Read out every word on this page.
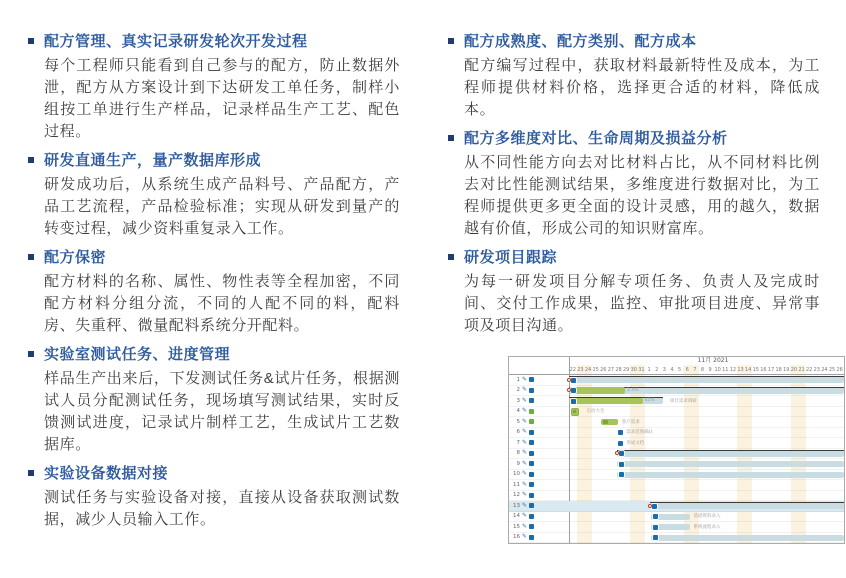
配方管理、真实记录研发轮次开发过程

每个工程师只能看到自己参与的配方，防止数据外泄，配方从方案设计到下达研发工单任务，制样小组按工单进行生产样品，记录样品生产工艺、配色过程。

研发直通生产，量产数据库形成

研发成功后，从系统生成产品料号、产品配方，产品工艺流程，产品检验标准；实现从研发到量产的转变过程，减少资料重复录入工作。

配方保密

配方材料的名称、属性、物性表等全程加密，不同配方材料分组分流，不同的人配不同的料，配料房、失重秤、微量配料系统分开配料。

实验室测试任务、进度管理

样品生产出来后，下发测试任务&试片任务，根据测试人员分配测试任务，现场填写测试结果，实时反馈测试进度，记录试片制样工艺，生成试片工艺数据库。

实验设备数据对接

测试任务与实验设备对接，直接从设备获取测试数据，减少人员输入工作。

配方成熟度、配方类别、配方成本

配方编写过程中，获取材料最新特性及成本，为工程师提供材料价格，选择更合适的材料，降低成本。

配方多维度对比、生命周期及损益分析

从不同性能方向去对比材料占比，从不同材料比例去对比性能测试结果，多维度进行数据对比，为工程师提供更多更全面的设计灵感，用的越久，数据越有价值，形成公司的知识财富库。

研发项目跟踪

为每一研发项目分解专项任务、负责人及完成时间、交付工作成果，监控、审批项目进度、异常事项及项目沟通。

11月 2021
22 23 24 25 26 27 28 29 30 31 1 2 3 4 5 6 7 8 9 10 11 12 13 14 15 16 17 18 19 20 21 22 23 24 25 26
1 ✎
2 ✎	2.4%
3 ✎	65%	项目需求调研
4 ✎	启动大会
5 ✎	客户需求
6 ✎	需求范围确认
7 ✎	形成文档
8 ✎
9 ✎
10 ✎
11 ✎
12 ✎
13 ✎
14 ✎	基础资料录入
15 ✎	系统流程录入
16 ✎
